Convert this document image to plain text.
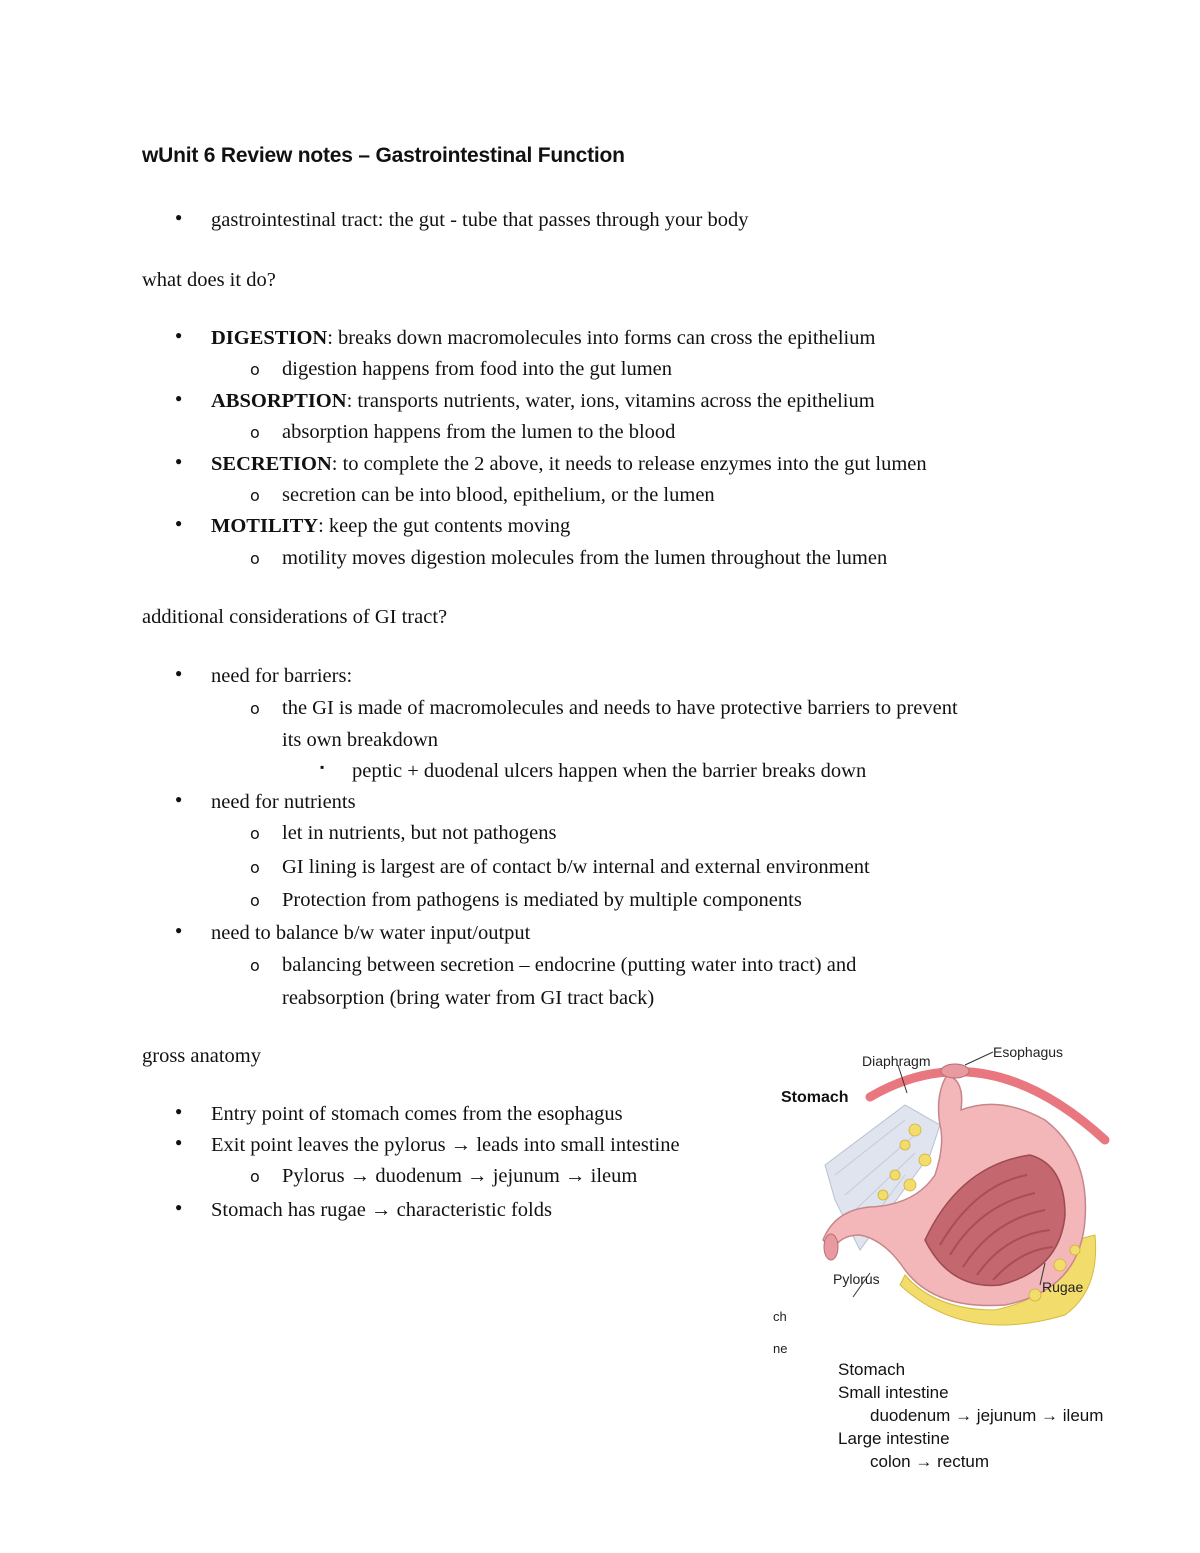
wUnit 6 Review notes – Gastrointestinal Function
gastrointestinal tract: the gut - tube that passes through your body
what does it do?
DIGESTION: breaks down macromolecules into forms can cross the epithelium
o digestion happens from food into the gut lumen
ABSORPTION: transports nutrients, water, ions, vitamins across the epithelium
o absorption happens from the lumen to the blood
SECRETION: to complete the 2 above, it needs to release enzymes into the gut lumen
o secretion can be into blood, epithelium, or the lumen
MOTILITY: keep the gut contents moving
o motility moves digestion molecules from the lumen throughout the lumen
additional considerations of GI tract?
need for barriers:
o the GI is made of macromolecules and needs to have protective barriers to prevent
its own breakdown
▪ peptic + duodenal ulcers happen when the barrier breaks down
need for nutrients
o let in nutrients, but not pathogens
o GI lining is largest are of contact b/w internal and external environment
o Protection from pathogens is mediated by multiple components
need to balance b/w water input/output
o balancing between secretion – endocrine (putting water into tract) and
reabsorption (bring water from GI tract back)
gross anatomy
Entry point of stomach comes from the esophagus
Exit point leaves the pylorus → leads into small intestine
o Pylorus → duodenum → jejunum → ileum
Stomach has rugae → characteristic folds
Stomach
Diaphragm
Esophagus
Pylorus	Rugae
ch
ne
Stomach
Small intestine
duodenum → jejunum → ileum
Large intestine
colon → rectum
